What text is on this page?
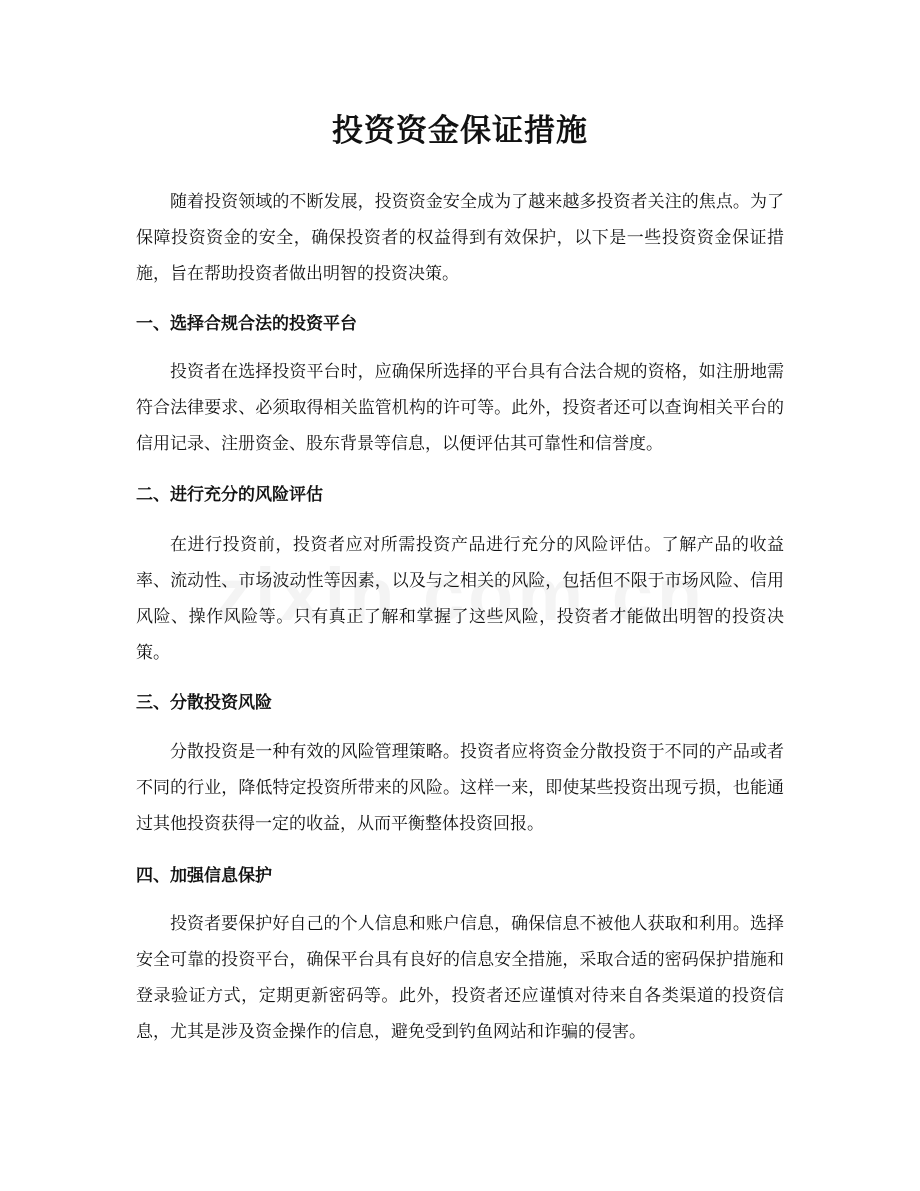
投资资金保证措施

随着投资领域的不断发展，投资资金安全成为了越来越多投资者关注的焦点。为了保障投资资金的安全，确保投资者的权益得到有效保护，以下是一些投资资金保证措施，旨在帮助投资者做出明智的投资决策。

一、选择合规合法的投资平台

投资者在选择投资平台时，应确保所选择的平台具有合法合规的资格，如注册地需符合法律要求、必须取得相关监管机构的许可等。此外，投资者还可以查询相关平台的信用记录、注册资金、股东背景等信息，以便评估其可靠性和信誉度。

二、进行充分的风险评估

在进行投资前，投资者应对所需投资产品进行充分的风险评估。了解产品的收益率、流动性、市场波动性等因素，以及与之相关的风险，包括但不限于市场风险、信用风险、操作风险等。只有真正了解和掌握了这些风险，投资者才能做出明智的投资决策。

三、分散投资风险

分散投资是一种有效的风险管理策略。投资者应将资金分散投资于不同的产品或者不同的行业，降低特定投资所带来的风险。这样一来，即使某些投资出现亏损，也能通过其他投资获得一定的收益，从而平衡整体投资回报。

四、加强信息保护

投资者要保护好自己的个人信息和账户信息，确保信息不被他人获取和利用。选择安全可靠的投资平台，确保平台具有良好的信息安全措施，采取合适的密码保护措施和登录验证方式，定期更新密码等。此外，投资者还应谨慎对待来自各类渠道的投资信息，尤其是涉及资金操作的信息，避免受到钓鱼网站和诈骗的侵害。
